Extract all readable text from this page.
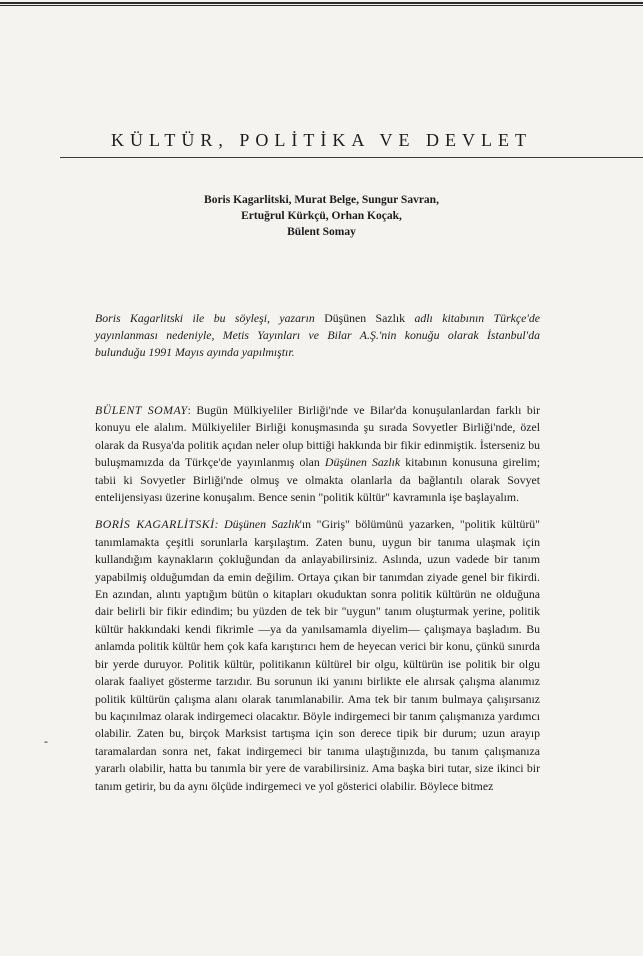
KÜLTÜR, POLİTİKA VE DEVLET
Boris Kagarlitski, Murat Belge, Sungur Savran,
Ertuğrul Kürkçü, Orhan Koçak,
Bülent Somay
Boris Kagarlitski ile bu söyleşi, yazarın Düşünen Sazlık adlı kitabının Türkçe'de yayınlanması nedeniyle, Metis Yayınları ve Bilar A.Ş.'nin konuğu olarak İstanbul'da bulunduğu 1991 Mayıs ayında yapılmıştır.

BÜLENT SOMAY: Bugün Mülkiyeliler Birliği'nde ve Bilar'da konuşulanlardan farklı bir konuyu ele alalım. Mülkiyeliler Birliği konuşmasında şu sırada Sovyetler Birliği'nde, özel olarak da Rusya'da politik açıdan neler olup bittiği hakkında bir fikir edinmiştik. İsterseniz bu buluşmamızda da Türkçe'de yayınlanmış olan Düşünen Sazlık kitabının konusuna girelim; tabii ki Sovyetler Birliği'nde olmuş ve olmakta olanlarla da bağlantılı olarak Sovyet entelijensiyası üzerine konuşalım. Bence senin "politik kültür" kavramınla işe başlayalım.

BORİS KAGARLİTSKİ: Düşünen Sazlık'ın "Giriş" bölümünü yazarken, "politik kültürü" tanımlamakta çeşitli sorunlarla karşılaştım. Zaten bunu, uygun bir tanıma ulaşmak için kullandığım kaynakların çokluğundan da anlayabilirsiniz. Aslında, uzun vadede bir tanım yapabilmiş olduğumdan da emin değilim. Ortaya çıkan bir tanımdan ziyade genel bir fikirdi. En azından, alıntı yaptığım bütün o kitapları okuduktan sonra politik kültürün ne olduğuna dair belirli bir fikir edindim; bu yüzden de tek bir "uygun" tanım oluşturmak yerine, politik kültür hakkındaki kendi fikrimle —ya da yanılsamamla diyelim— çalışmaya başladım. Bu anlamda politik kültür hem çok kafa karıştırıcı hem de heyecan verici bir konu, çünkü sınırda bir yerde duruyor. Politik kültür, politikanın kültürel bir olgu, kültürün ise politik bir olgu olarak faaliyet gösterme tarzıdır. Bu sorunun iki yanını birlikte ele alırsak çalışma alanımız politik kültürün çalışma alanı olarak tanımlanabilir. Ama tek bir tanım bulmaya çalışırsanız bu kaçınılmaz olarak indirgemeci olacaktır. Böyle indirgemeci bir tanım çalışmanıza yardımcı olabilir. Zaten bu, birçok Marksist tartışma için son derece tipik bir durum; uzun arayıp taramalardan sonra net, fakat indirgemeci bir tanıma ulaştığınızda, bu tanım çalışmanıza yararlı olabilir, hatta bu tanımla bir yere de varabilirsiniz. Ama başka biri tutar, size ikinci bir tanım getirir, bu da aynı ölçüde indirgemeci ve yol gösterici olabilir. Böylece bitmez

-
